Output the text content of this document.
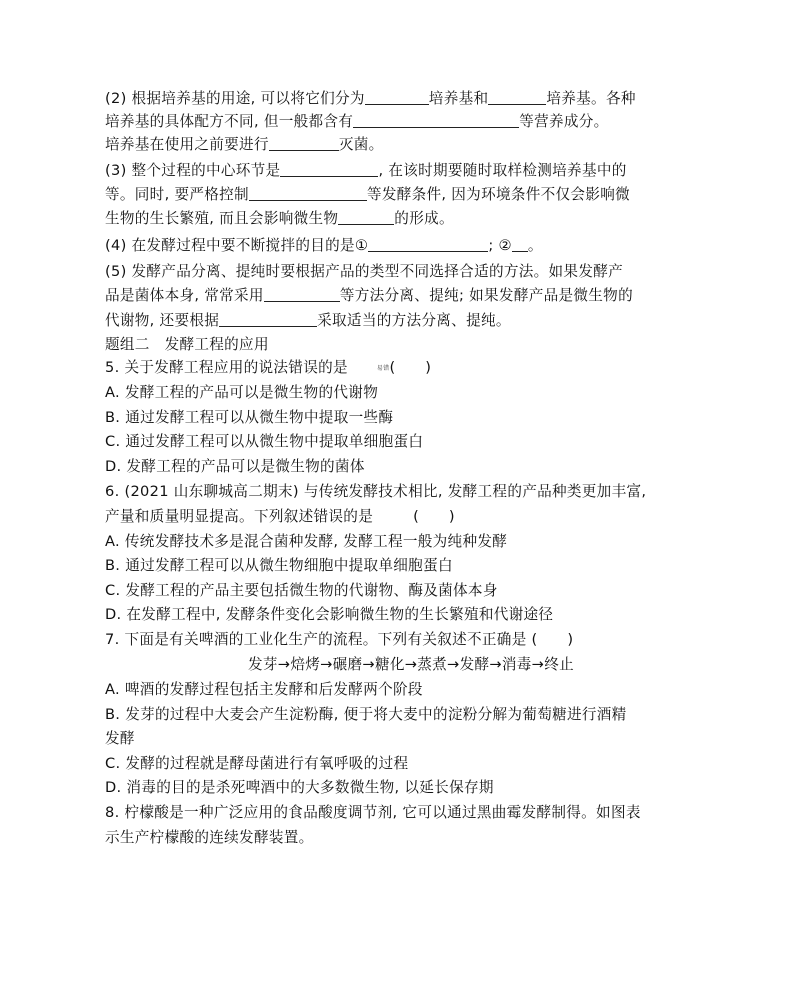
(2) 根据培养基的用途, 可以将它们分为	培养基和	培养基。各种
培养基的具体配方不同, 但一般都含有	等营养成分。
培养基在使用之前要进行	灭菌。
(3) 整个过程的中心环节是	, 在该时期要随时取样检测培养基中的
等。同时, 要严格控制	等发酵条件, 因为环境条件不仅会影响微
生物的生长繁殖, 而且会影响微生物	的形成。
(4) 在发酵过程中要不断搅拌的目的是①	; ② 。
(5) 发酵产品分离、提纯时要根据产品的类型不同选择合适的方法。如果发酵产
品是菌体本身, 常常采用	等方法分离、提纯; 如果发酵产品是微生物的
代谢物, 还要根据	采取适当的方法分离、提纯。
题组二　发酵工程的应用
5. 关于发酵工程应用的说法错误的是	易错(　　)
A. 发酵工程的产品可以是微生物的代谢物
B. 通过发酵工程可以从微生物中提取一些酶
C. 通过发酵工程可以从微生物中提取单细胞蛋白
D. 发酵工程的产品可以是微生物的菌体
6. (2021 山东聊城高二期末) 与传统发酵技术相比, 发酵工程的产品种类更加丰富,
产量和质量明显提高。下列叙述错误的是	(　　)
A. 传统发酵技术多是混合菌种发酵, 发酵工程一般为纯种发酵
B. 通过发酵工程可以从微生物细胞中提取单细胞蛋白
C. 发酵工程的产品主要包括微生物的代谢物、酶及菌体本身
D. 在发酵工程中, 发酵条件变化会影响微生物的生长繁殖和代谢途径
7. 下面是有关啤酒的工业化生产的流程。下列有关叙述不正确是 (　　)
发芽→焙烤→碾磨→糖化→蒸煮→发酵→消毒→终止
A. 啤酒的发酵过程包括主发酵和后发酵两个阶段
B. 发芽的过程中大麦会产生淀粉酶, 便于将大麦中的淀粉分解为葡萄糖进行酒精
发酵
C. 发酵的过程就是酵母菌进行有氧呼吸的过程
D. 消毒的目的是杀死啤酒中的大多数微生物, 以延长保存期
8. 柠檬酸是一种广泛应用的食品酸度调节剂, 它可以通过黑曲霉发酵制得。如图表
示生产柠檬酸的连续发酵装置。
